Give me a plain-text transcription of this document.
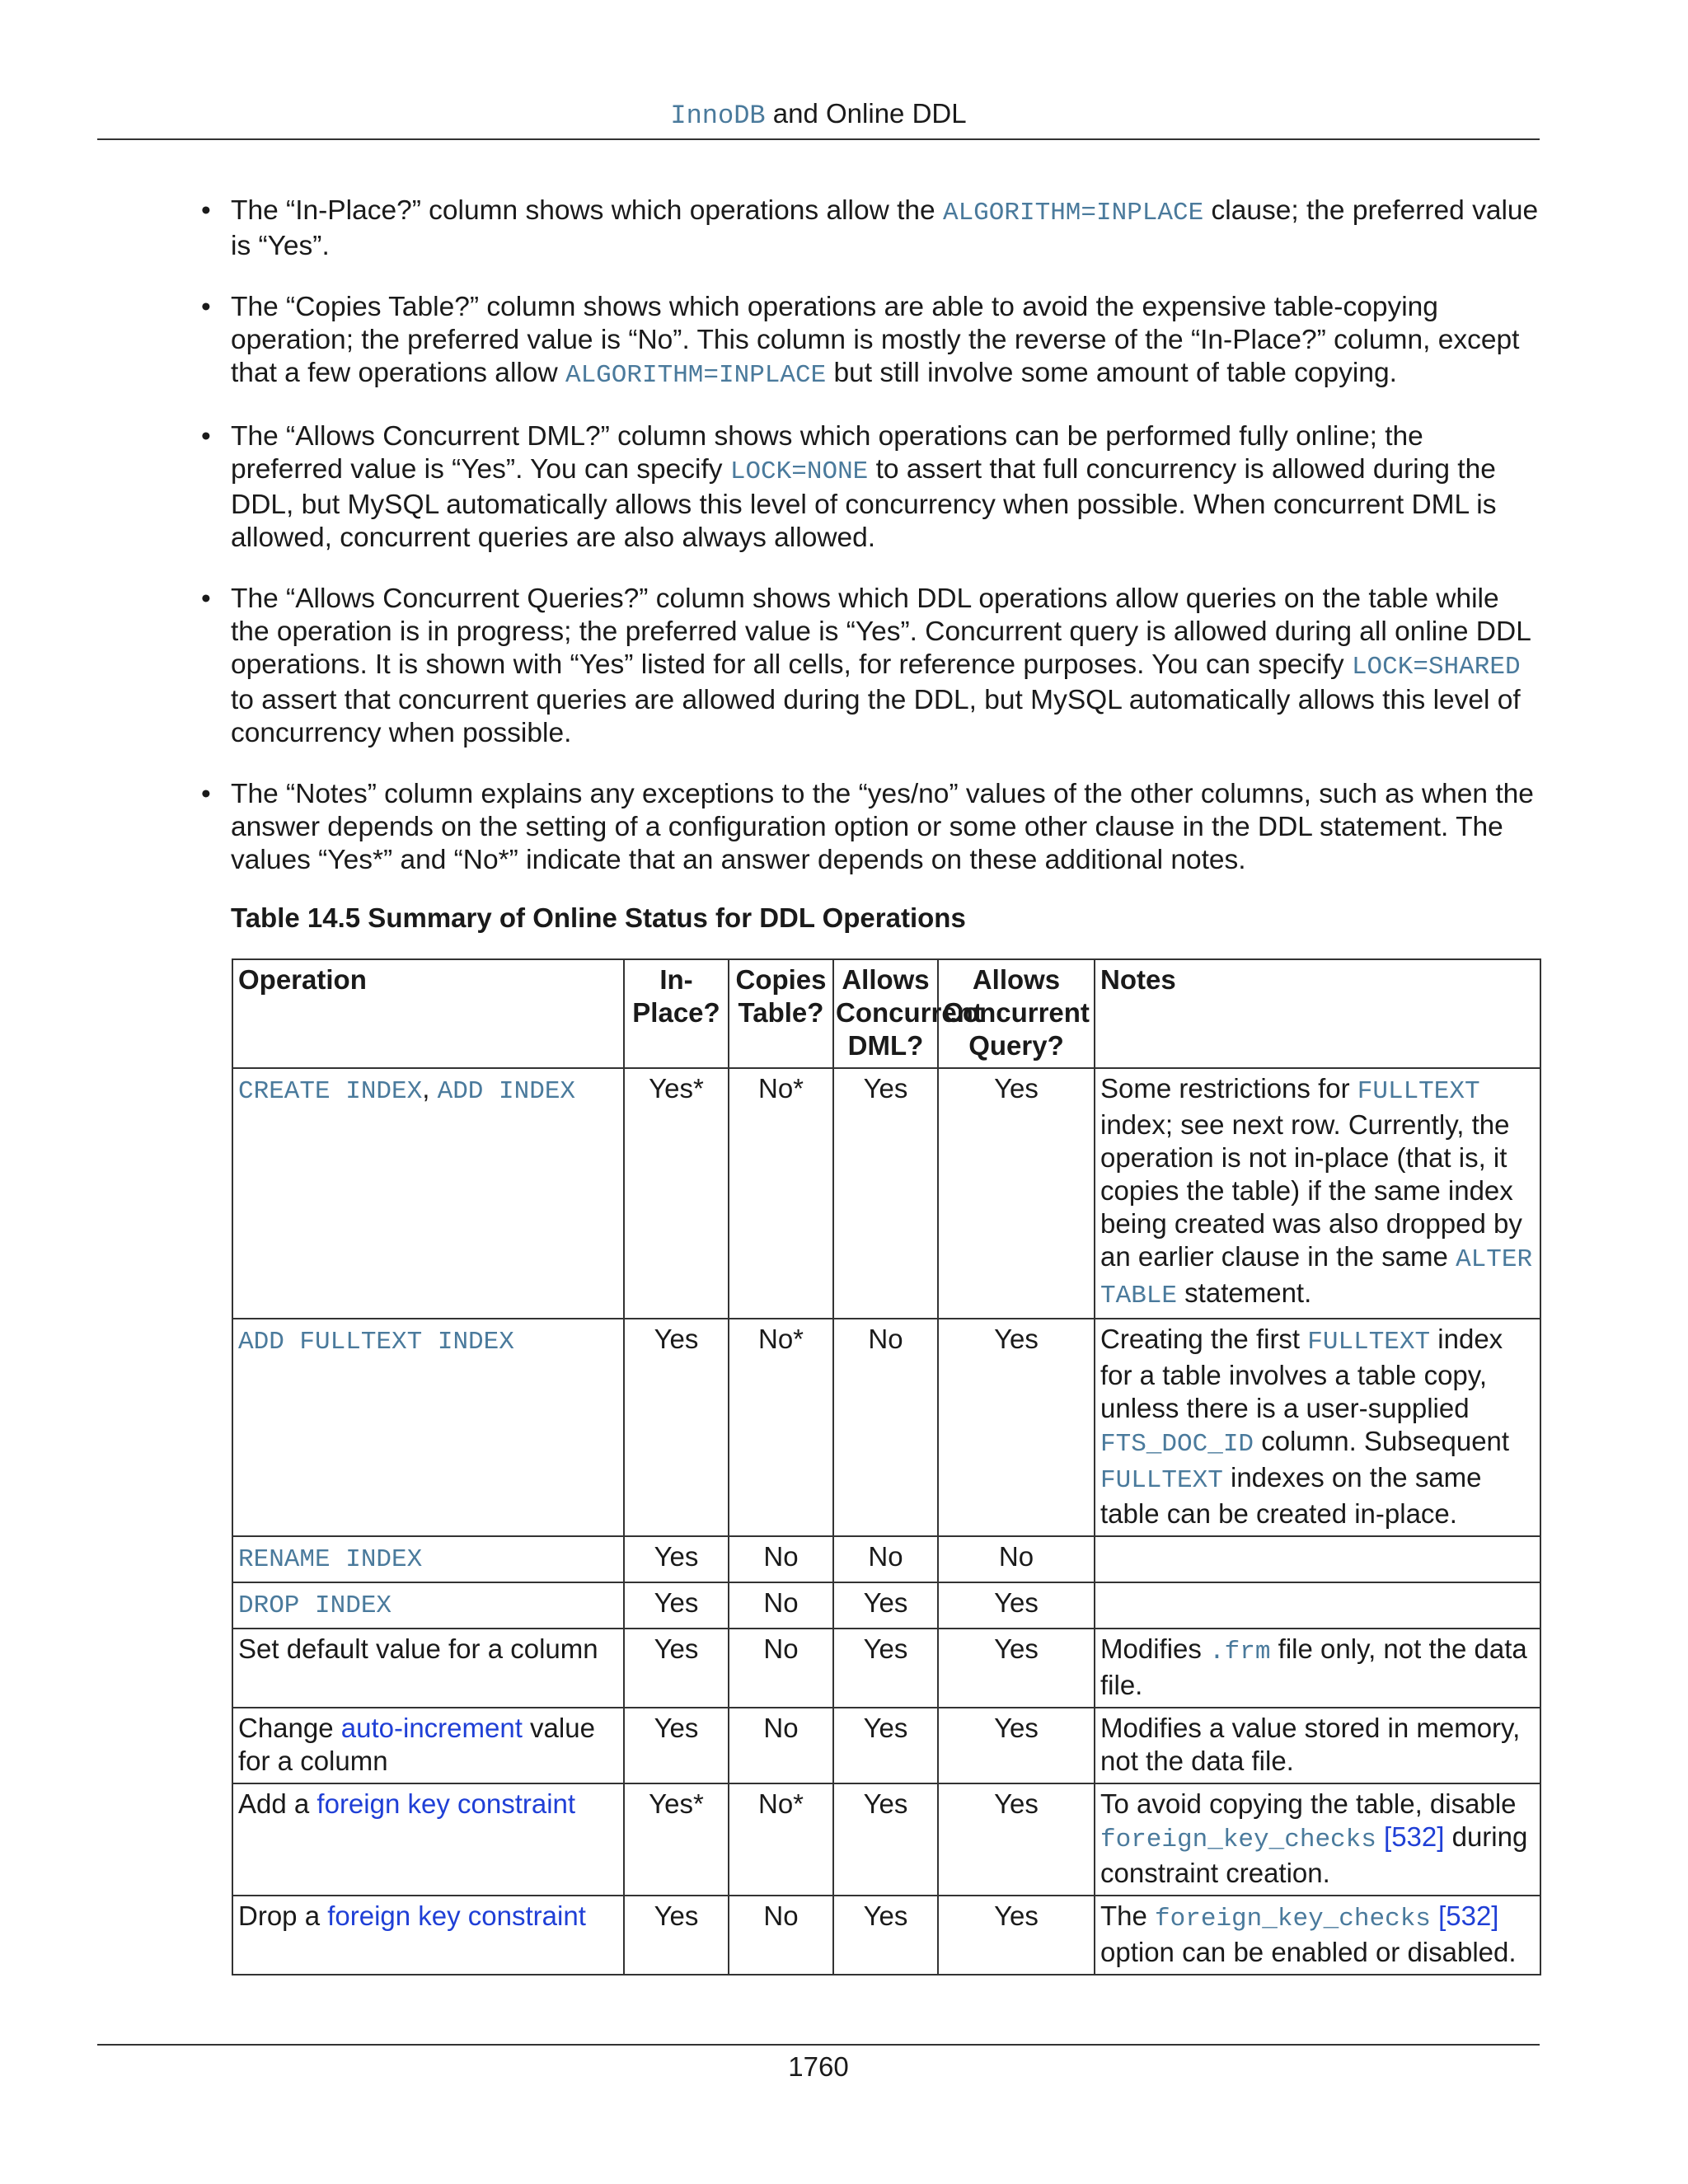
InnoDB and Online DDL
• The “In-Place?” column shows which operations allow the ALGORITHM=INPLACE clause; the preferred value is “Yes”.
• The “Copies Table?” column shows which operations are able to avoid the expensive table-copying operation; the preferred value is “No”. This column is mostly the reverse of the “In-Place?” column, except that a few operations allow ALGORITHM=INPLACE but still involve some amount of table copying.
• The “Allows Concurrent DML?” column shows which operations can be performed fully online; the preferred value is “Yes”. You can specify LOCK=NONE to assert that full concurrency is allowed during the DDL, but MySQL automatically allows this level of concurrency when possible. When concurrent DML is allowed, concurrent queries are also always allowed.
• The “Allows Concurrent Queries?” column shows which DDL operations allow queries on the table while the operation is in progress; the preferred value is “Yes”. Concurrent query is allowed during all online DDL operations. It is shown with “Yes” listed for all cells, for reference purposes. You can specify LOCK=SHARED to assert that concurrent queries are allowed during the DDL, but MySQL automatically allows this level of concurrency when possible.
• The “Notes” column explains any exceptions to the “yes/no” values of the other columns, such as when the answer depends on the setting of a configuration option or some other clause in the DDL statement. The values “Yes*” and “No*” indicate that an answer depends on these additional notes.
Table 14.5 Summary of Online Status for DDL Operations
Operation	In-Place?	Copies Table?	Allows Concurrent DML?	Allows Concurrent Query?	Notes
CREATE INDEX, ADD INDEX	Yes*	No*	Yes	Yes	Some restrictions for FULLTEXT index; see next row. Currently, the operation is not in-place (that is, it copies the table) if the same index being created was also dropped by an earlier clause in the same ALTER TABLE statement.
ADD FULLTEXT INDEX	Yes	No*	No	Yes	Creating the first FULLTEXT index for a table involves a table copy, unless there is a user-supplied FTS_DOC_ID column. Subsequent FULLTEXT indexes on the same table can be created in-place.
RENAME INDEX	Yes	No	No	No	
DROP INDEX	Yes	No	Yes	Yes	
Set default value for a column	Yes	No	Yes	Yes	Modifies .frm file only, not the data file.
Change auto-increment value for a column	Yes	No	Yes	Yes	Modifies a value stored in memory, not the data file.
Add a foreign key constraint	Yes*	No*	Yes	Yes	To avoid copying the table, disable foreign_key_checks [532] during constraint creation.
Drop a foreign key constraint	Yes	No	Yes	Yes	The foreign_key_checks [532] option can be enabled or disabled.
1760
